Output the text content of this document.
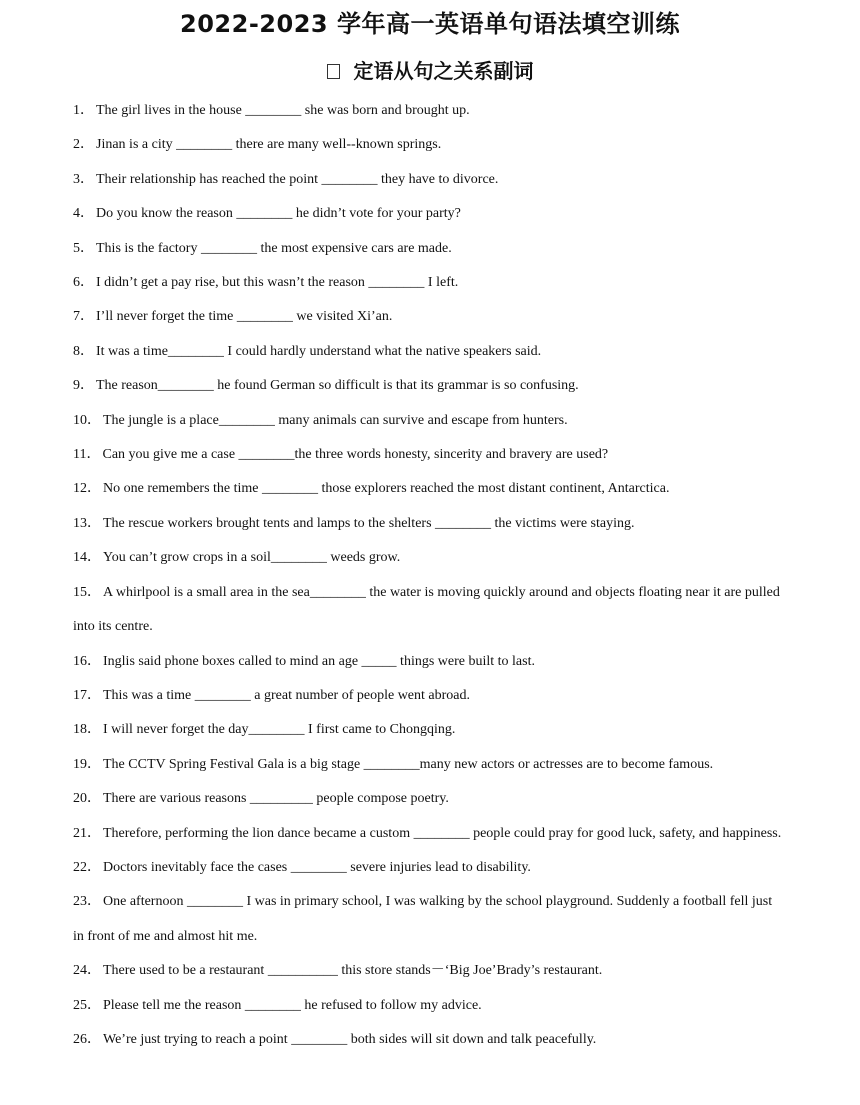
2022-2023 学年高一英语单句语法填空训练
定语从句之关系副词
1． The girl lives in the house ________ she was born and brought up.
2． Jinan is a city ________ there are many well--known springs.
3． Their relationship has reached the point ________ they have to divorce.
4． Do you know the reason ________ he didn’t vote for your party?
5． This is the factory ________ the most expensive cars are made.
6． I didn’t get a pay rise, but this wasn’t the reason ________ I left.
7． I’ll never forget the time ________ we visited Xi’an.
8． It was a time________ I could hardly understand what the native speakers said.
9． The reason________ he found German so difficult is that its grammar is so confusing.
10． The jungle is a place________ many animals can survive and escape from hunters.
11． Can you give me a case ________the three words honesty, sincerity and bravery are used?
12． No one remembers the time ________ those explorers reached the most distant continent, Antarctica.
13． The rescue workers brought tents and lamps to the shelters ________ the victims were staying.
14． You can’t grow crops in a soil________ weeds grow.
15． A whirlpool is a small area in the sea________ the water is moving quickly around and objects floating near it are pulled into its centre.
16． Inglis said phone boxes called to mind an age _____ things were built to last.
17． This was a time ________ a great number of people went abroad.
18． I will never forget the day________ I first came to Chongqing.
19． The CCTV Spring Festival Gala is a big stage ________many new actors or actresses are to become famous.
20． There are various reasons _________ people compose poetry.
21． Therefore, performing the lion dance became a custom ________ people could pray for good luck, safety, and happiness.
22． Doctors inevitably face the cases ________ severe injuries lead to disability.
23． One afternoon ________ I was in primary school, I was walking by the school playground. Suddenly a football fell just in front of me and almost hit me.
24． There used to be a restaurant __________ this store stands－‘Big Joe’Brady’s restaurant.
25． Please tell me the reason ________ he refused to follow my advice.
26． We’re just trying to reach a point ________ both sides will sit down and talk peacefully.
